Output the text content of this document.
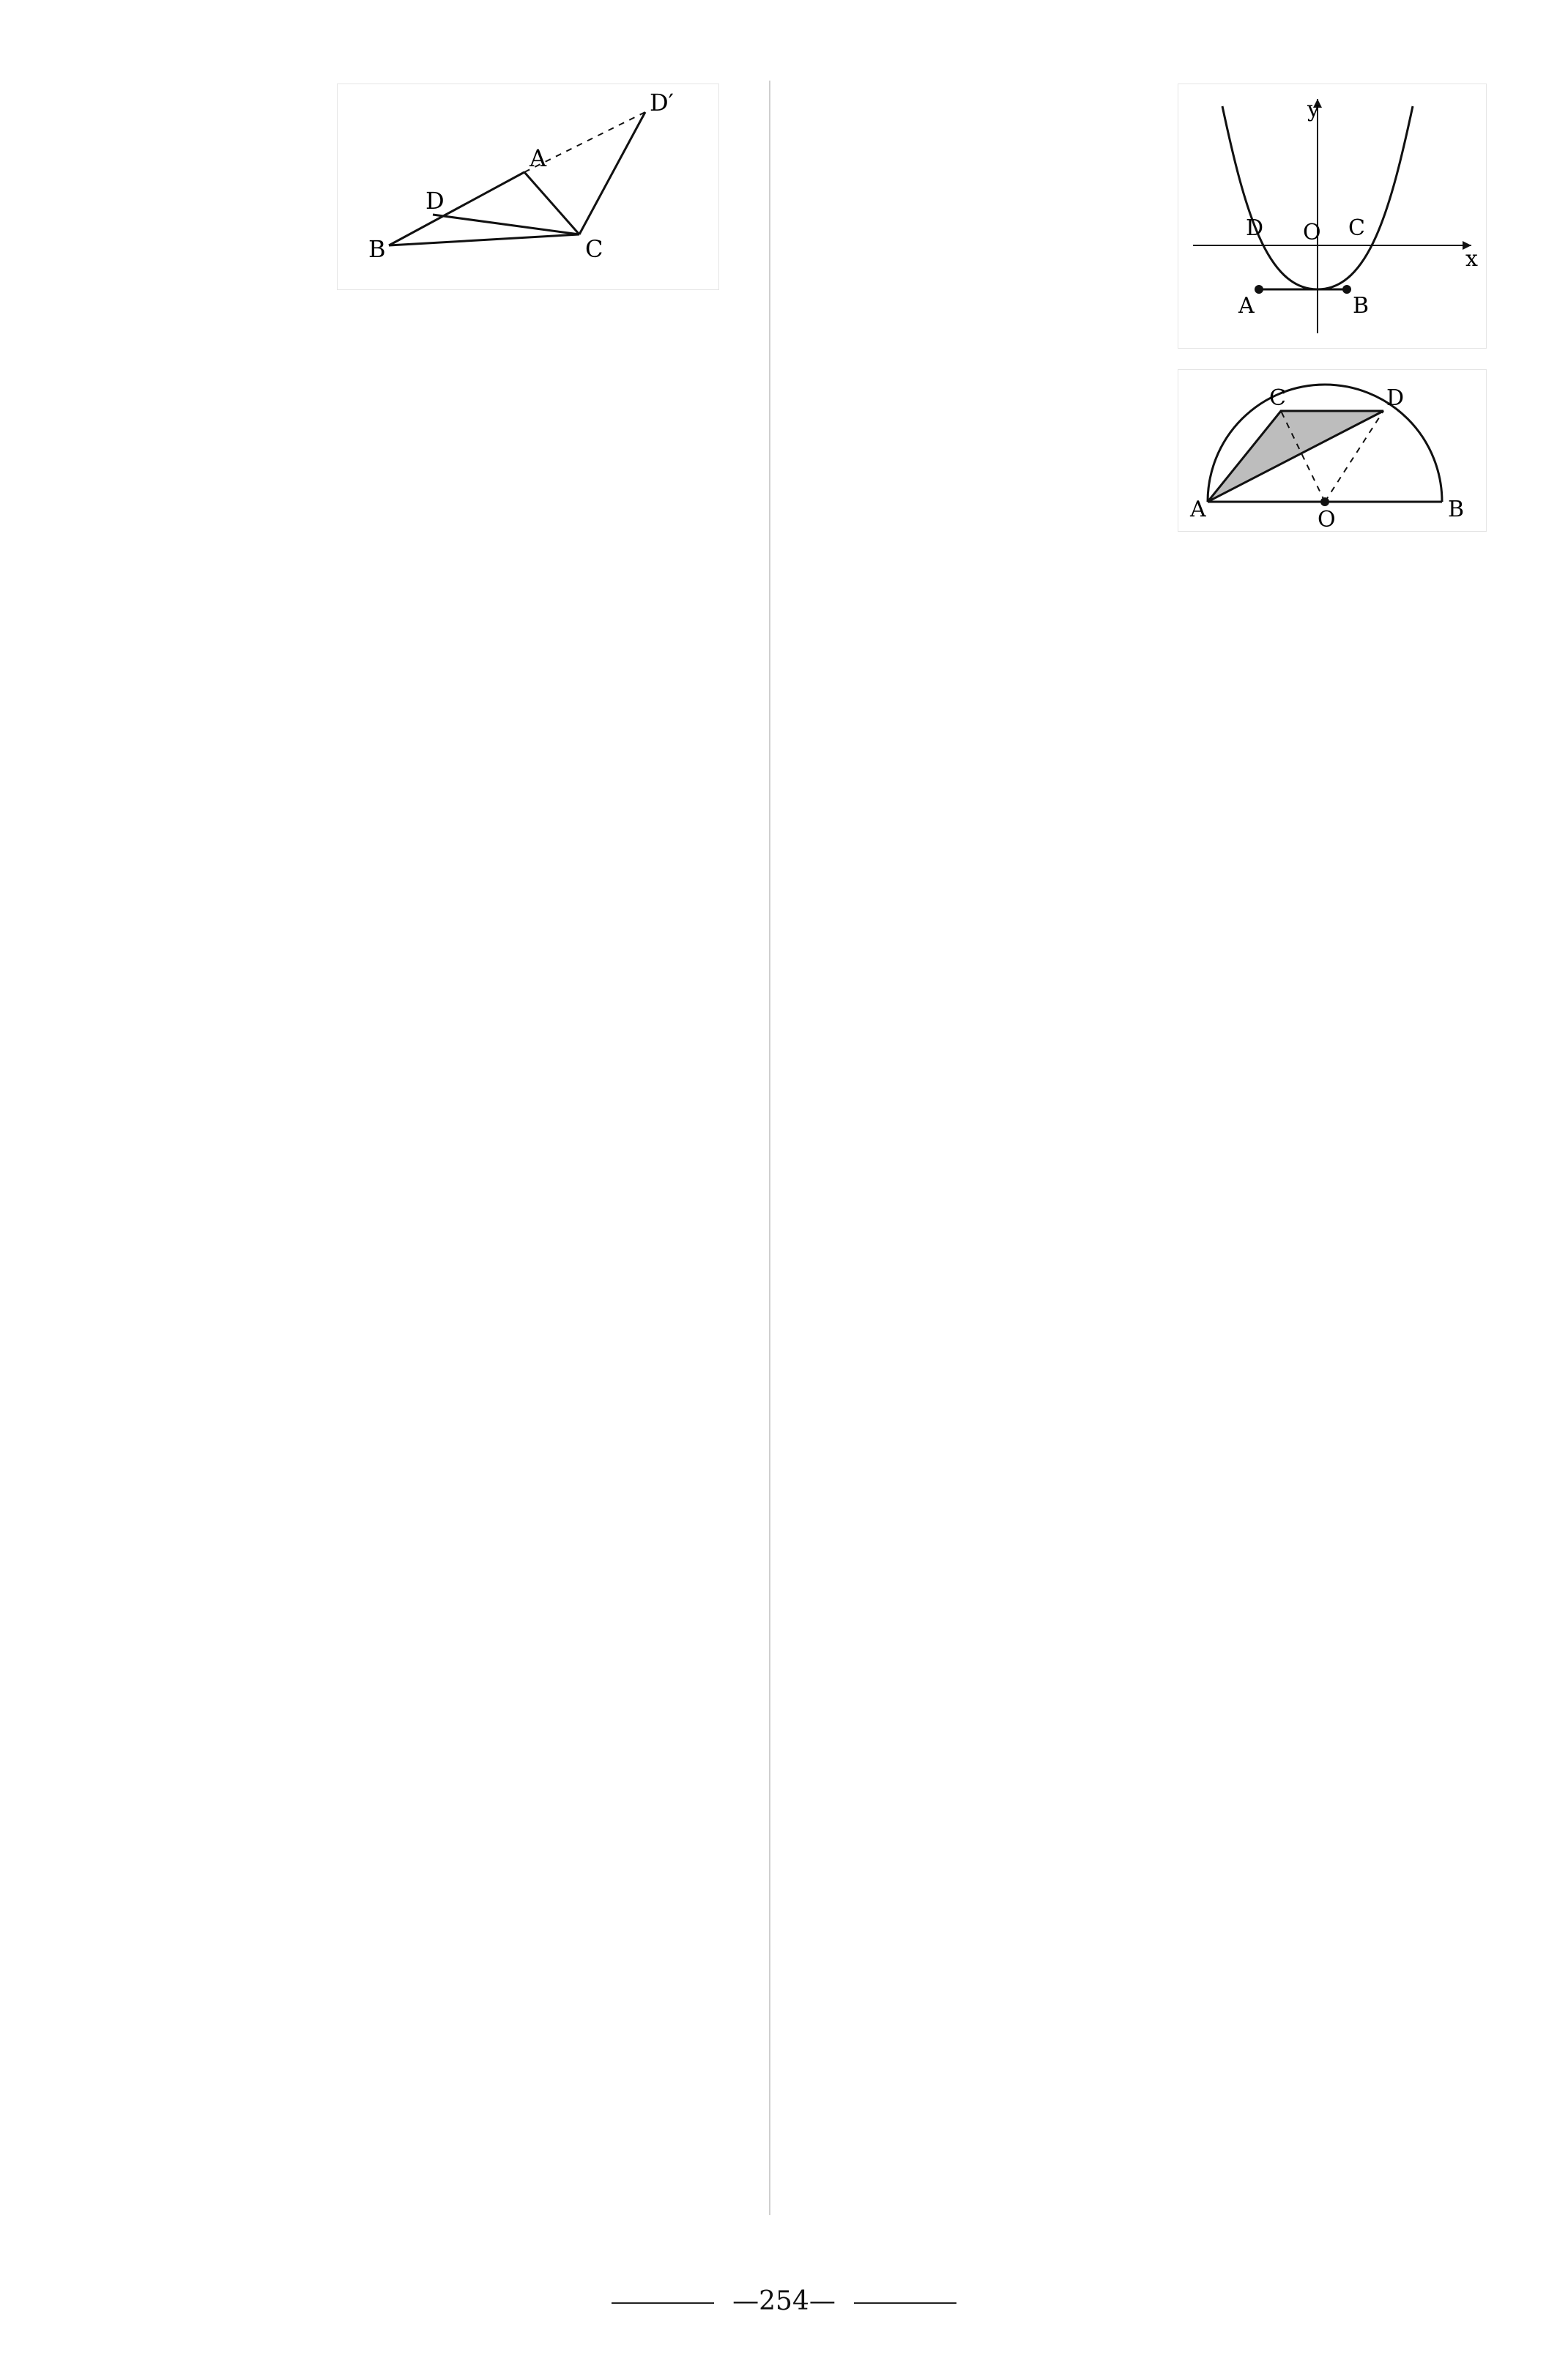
B
A
C
D
D′	y
x
O
A	B
C
D
A	B
C	D
O
—254—
